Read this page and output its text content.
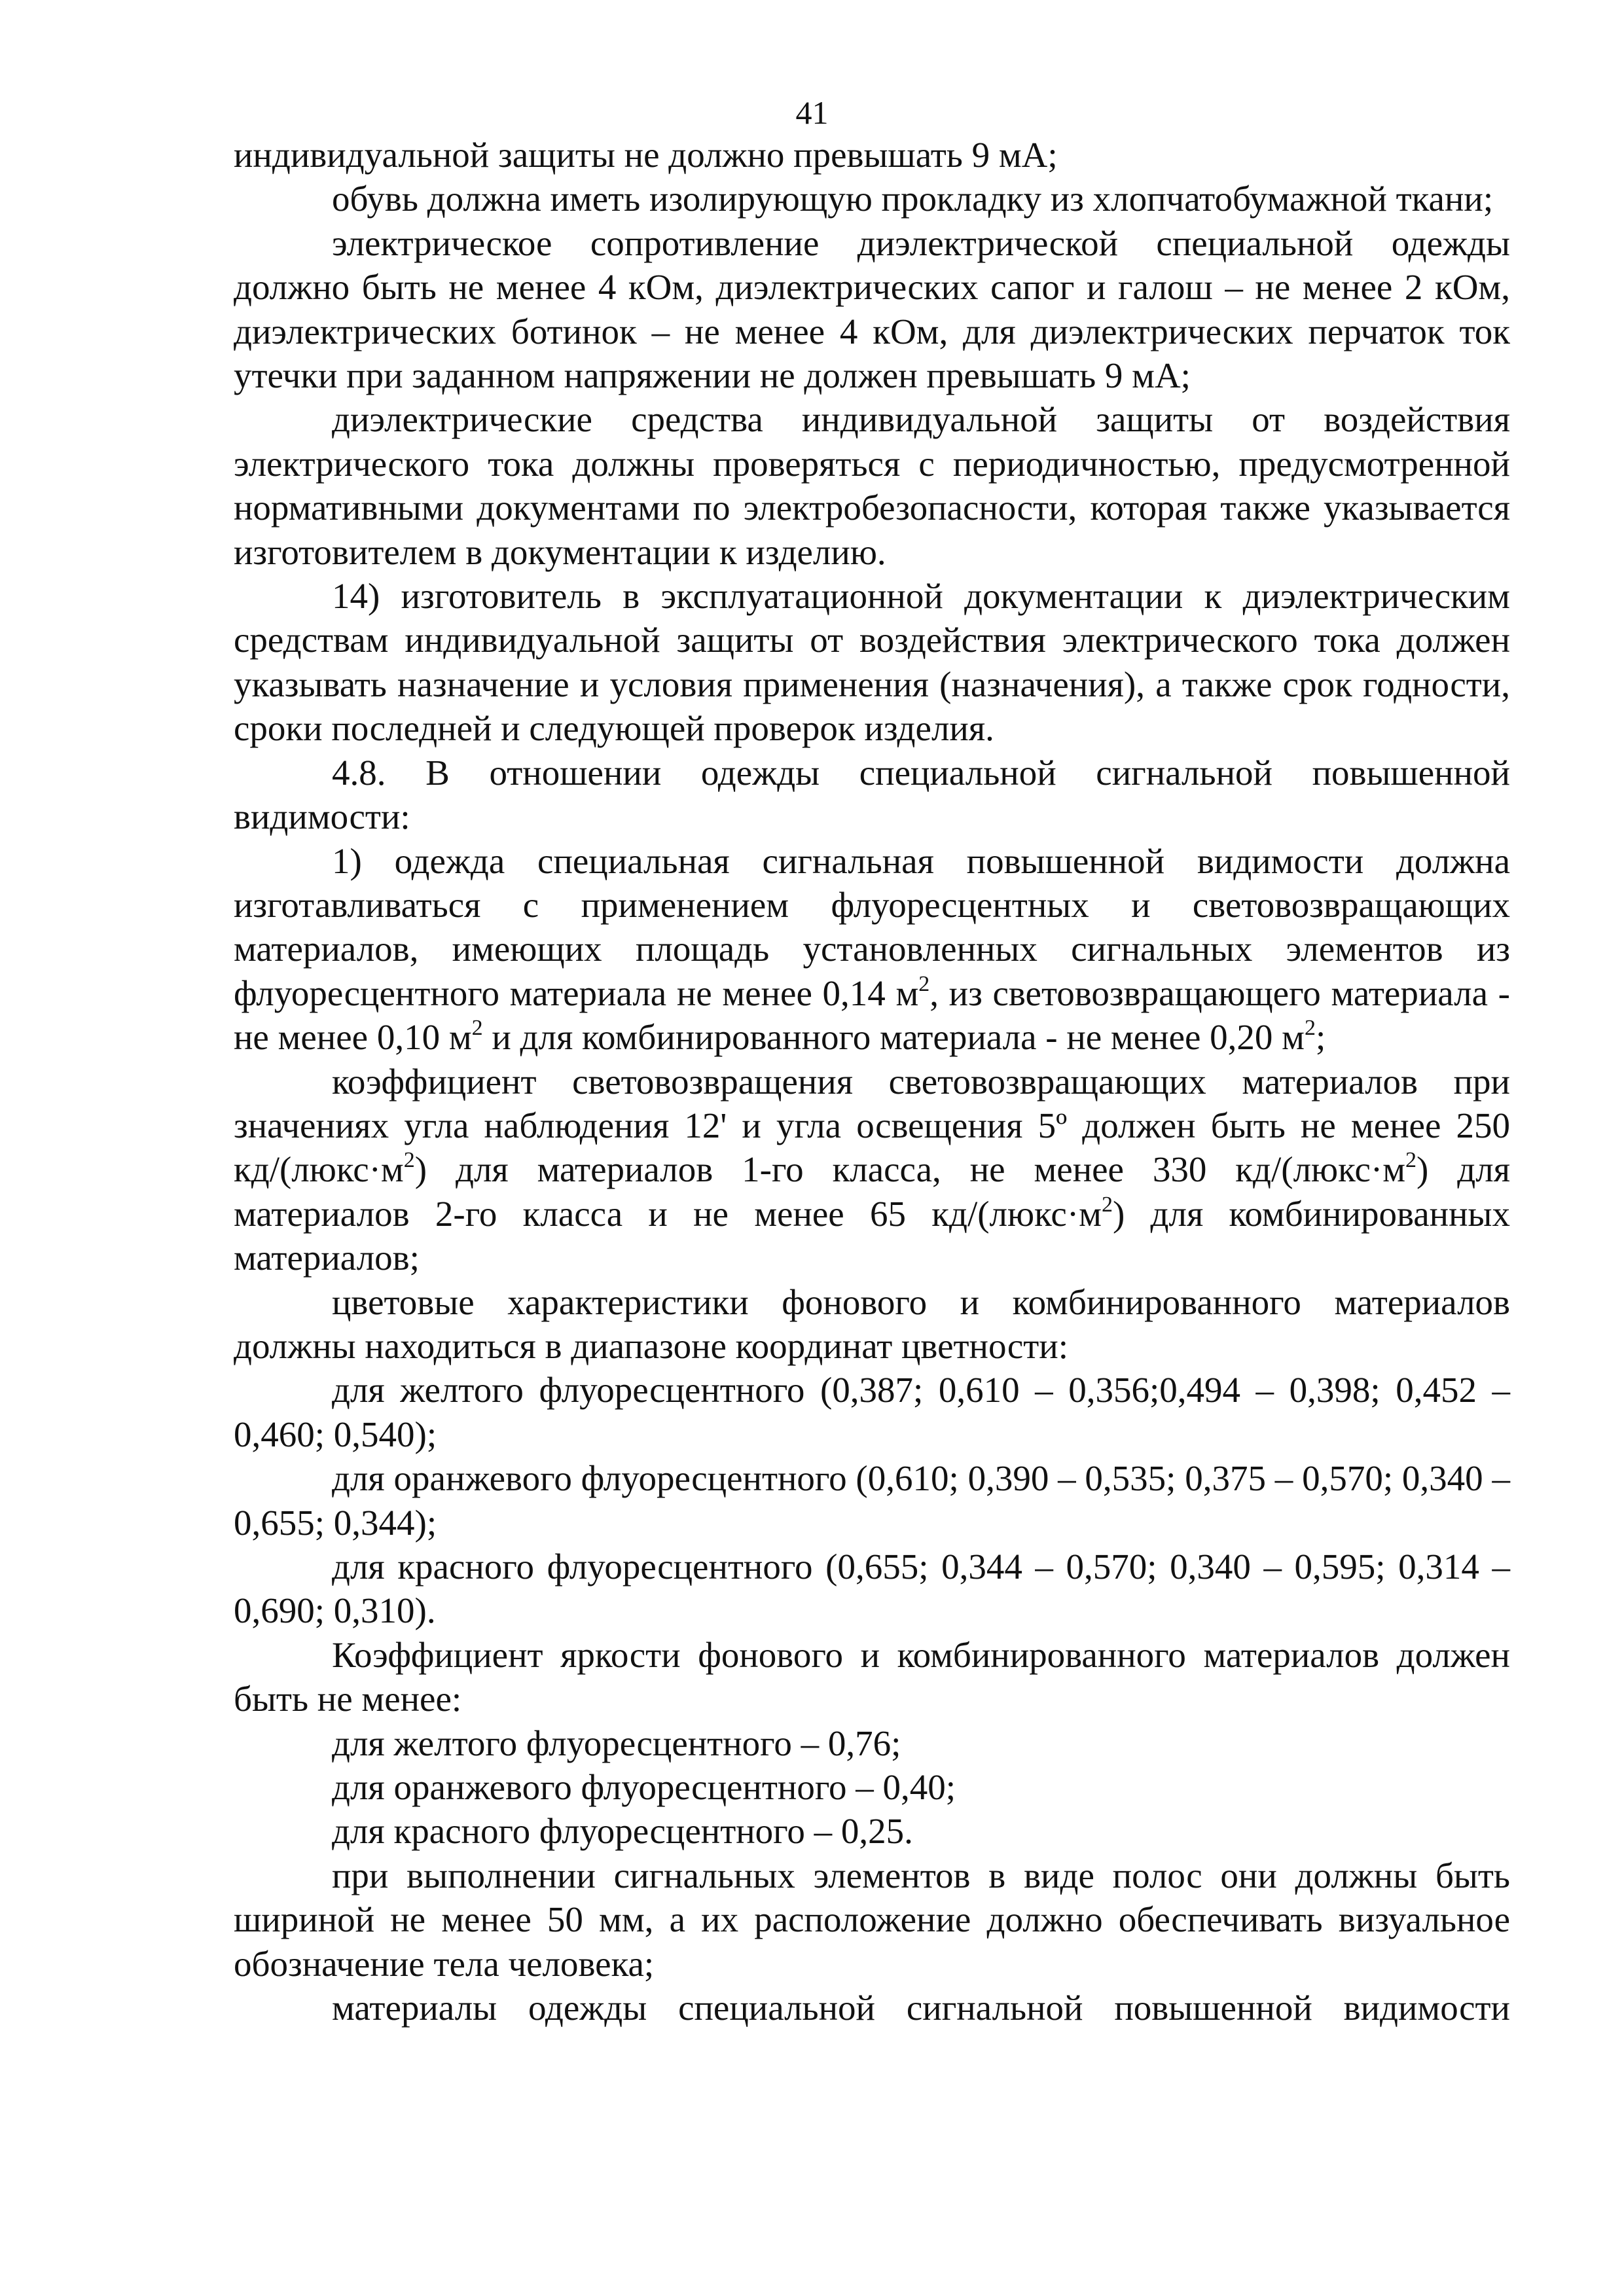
41

индивидуальной защиты не должно превышать 9 мА;

обувь должна иметь изолирующую прокладку из хлопчатобумажной ткани;

электрическое сопротивление диэлектрической специальной одежды должно быть не менее 4 кОм, диэлектрических сапог и галош – не менее 2 кОм, диэлектрических ботинок – не менее 4 кОм, для диэлектрических перчаток ток утечки при заданном напряжении не должен превышать 9 мА;

диэлектрические средства индивидуальной защиты от воздействия электрического тока должны проверяться с периодичностью, предусмотренной нормативными документами по электробезопасности, которая также указывается изготовителем в документации к изделию.

14) изготовитель в эксплуатационной документации к диэлектрическим средствам индивидуальной защиты от воздействия электрического тока должен указывать назначение и условия применения (назначения), а также срок годности, сроки последней и следующей проверок изделия.

4.8. В отношении одежды специальной сигнальной повышенной видимости:

1) одежда специальная сигнальная повышенной видимости должна изготавливаться с применением флуоресцентных и световозвращающих материалов, имеющих площадь установленных сигнальных элементов из флуоресцентного материала не менее 0,14 $м^2$, из световозвращающего материала - не менее 0,10 $м^2$ и для комбинированного материала - не менее 0,20 $м^2$;

коэффициент световозвращения световозвращающих материалов при значениях угла наблюдения 12' и угла освещения 5º должен быть не менее 250 $кд/(люкс\cdot м^2)$ для материалов 1-го класса, не менее 330 $кд/(люкс\cdot м^2)$ для материалов 2-го класса и не менее 65 $кд/(люкс\cdot м^2)$ для комбинированных материалов;

цветовые характеристики фонового и комбинированного материалов должны находиться в диапазоне координат цветности:

для желтого флуоресцентного (0,387; 0,610 – 0,356;0,494 – 0,398; 0,452 – 0,460; 0,540);

для оранжевого флуоресцентного (0,610; 0,390 – 0,535; 0,375 – 0,570; 0,340 – 0,655; 0,344);

для красного флуоресцентного (0,655; 0,344 – 0,570; 0,340 – 0,595; 0,314 – 0,690; 0,310).

Коэффициент яркости фонового и комбинированного материалов должен быть не менее:

для желтого флуоресцентного – 0,76;

для оранжевого флуоресцентного – 0,40;

для красного флуоресцентного – 0,25.

при выполнении сигнальных элементов в виде полос они должны быть шириной не менее 50 мм, а их расположение должно обеспечивать визуальное обозначение тела человека;

материалы одежды специальной сигнальной повышенной видимости
